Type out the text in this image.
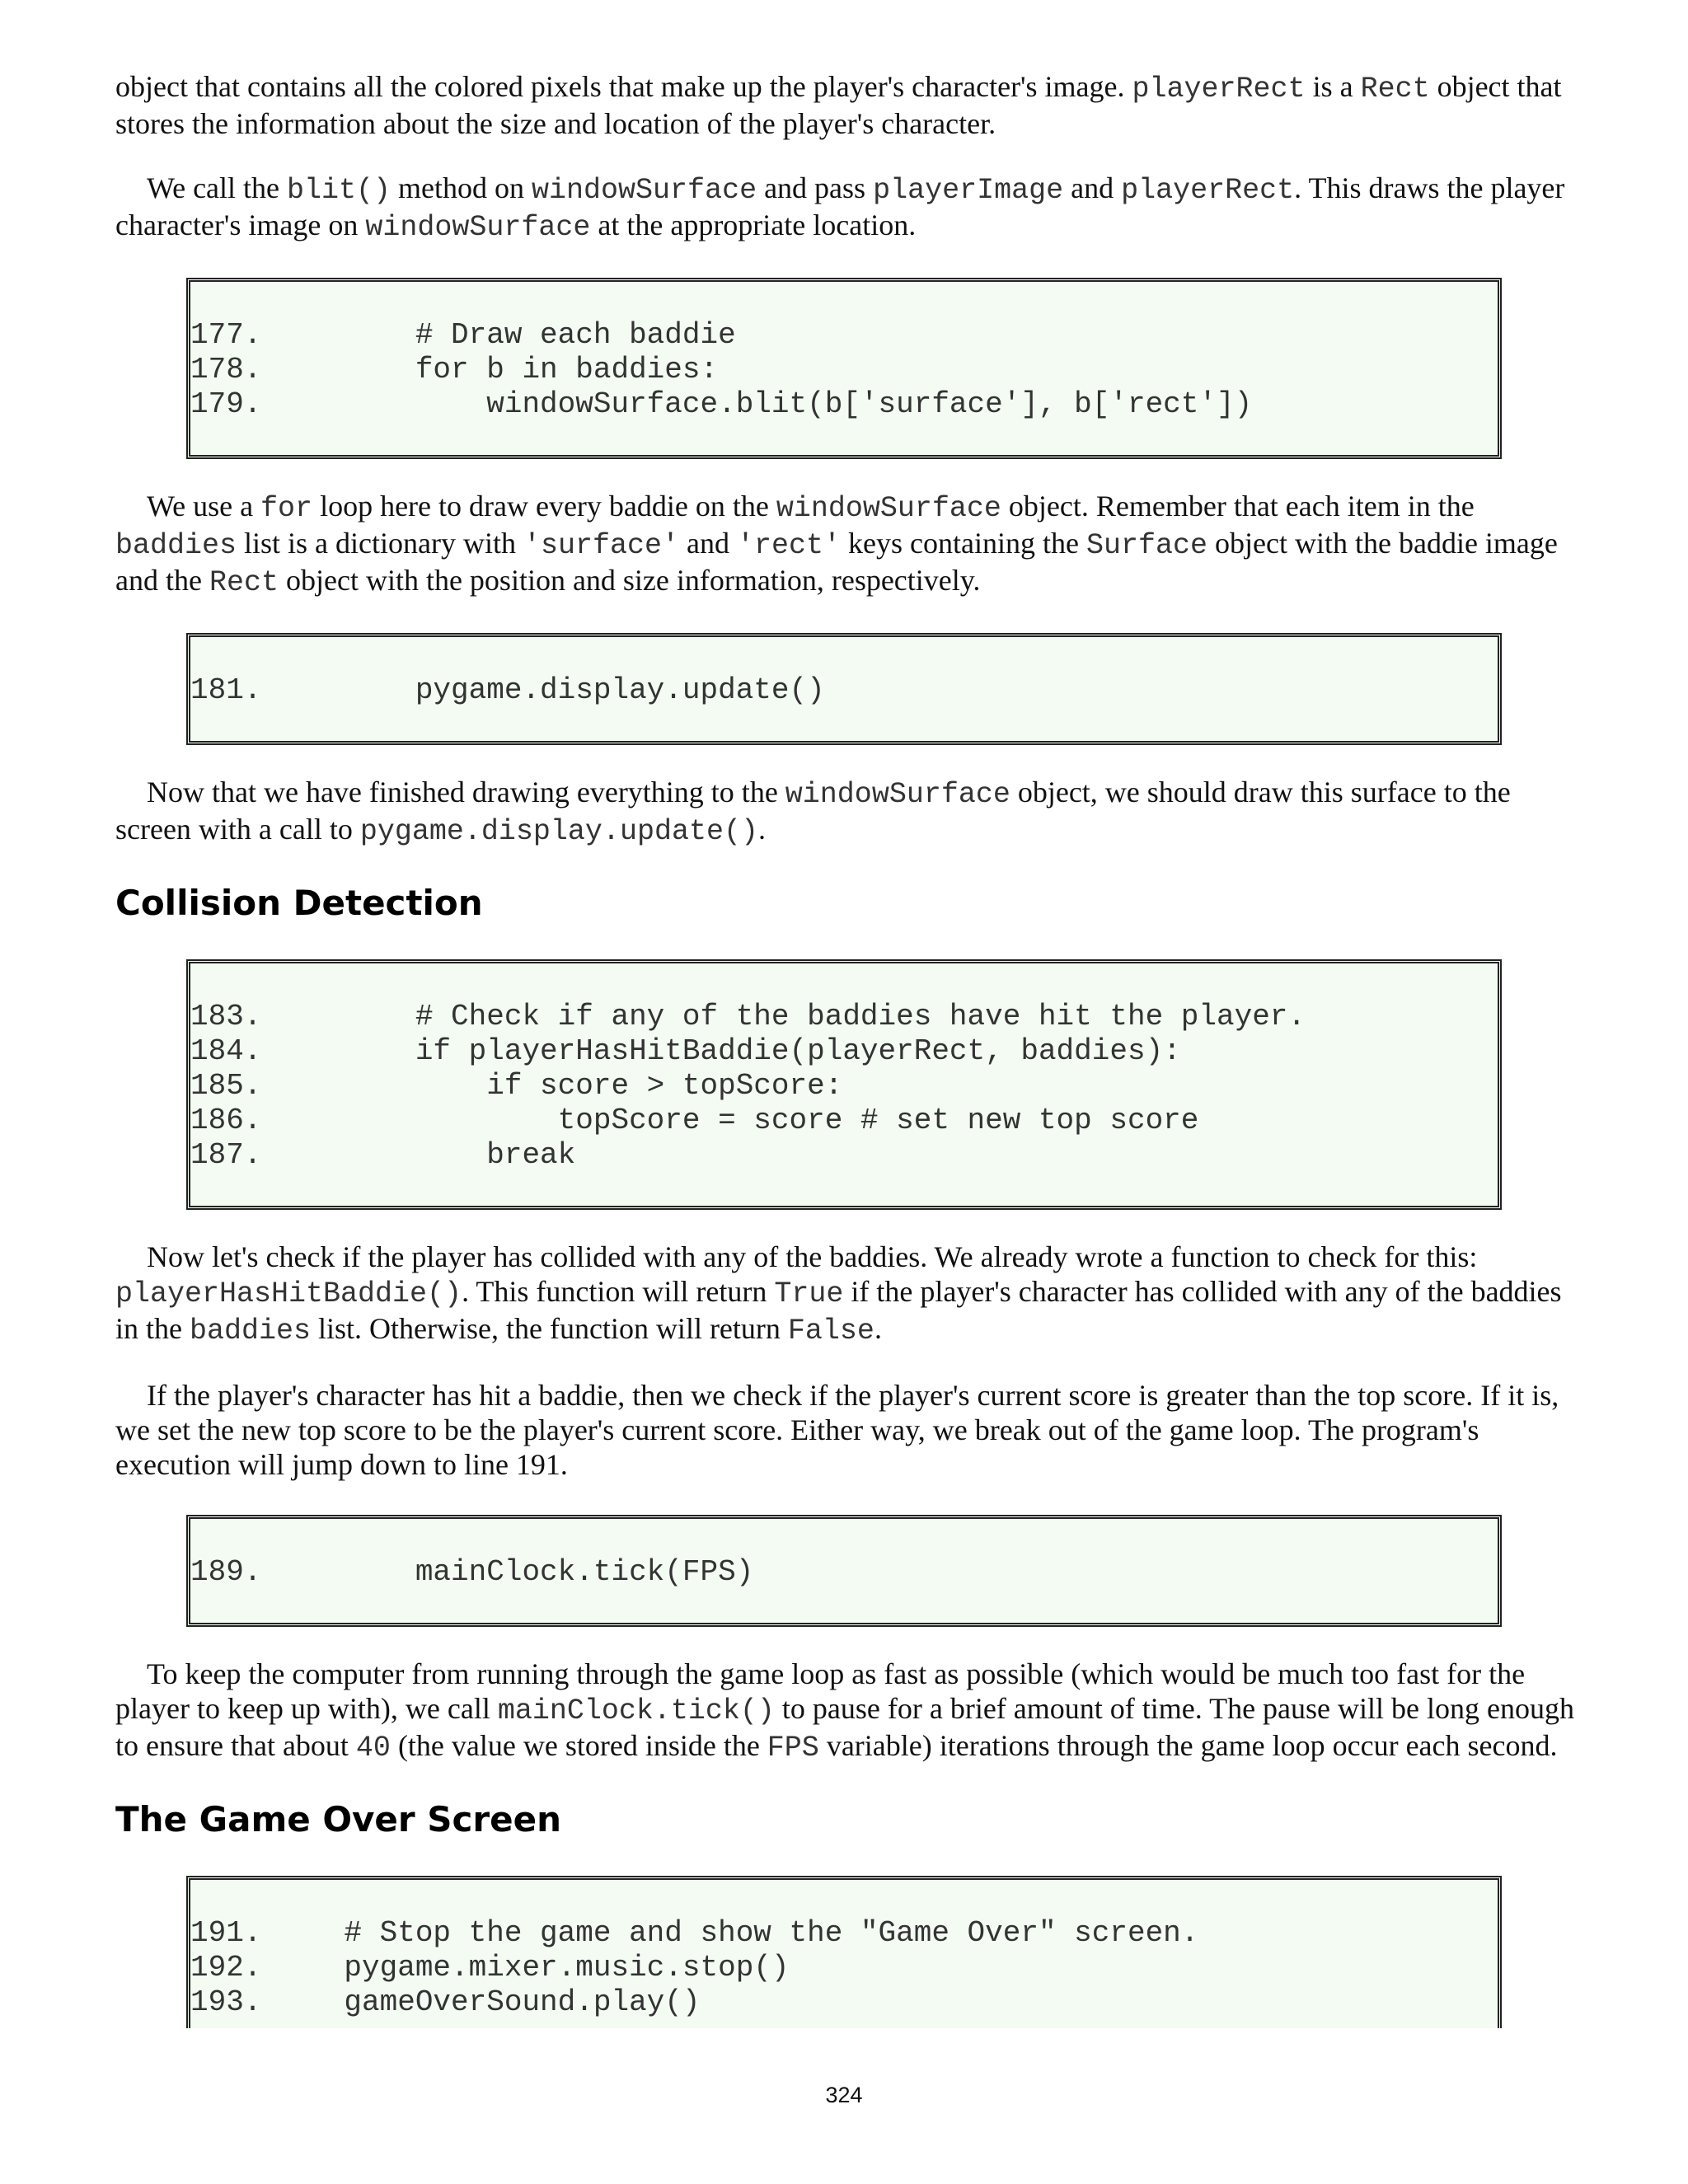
object that contains all the colored pixels that make up the player's character's image. playerRect is a Rect object that stores the information about the size and location of the player's character.

We call the blit() method on windowSurface and pass playerImage and playerRect. This draws the player character's image on windowSurface at the appropriate location.

177.        # Draw each baddie
178.        for b in baddies:
179.            windowSurface.blit(b['surface'], b['rect'])

We use a for loop here to draw every baddie on the windowSurface object. Remember that each item in the baddies list is a dictionary with 'surface' and 'rect' keys containing the Surface object with the baddie image and the Rect object with the position and size information, respectively.

181.        pygame.display.update()

Now that we have finished drawing everything to the windowSurface object, we should draw this surface to the screen with a call to pygame.display.update().

Collision Detection
183.        # Check if any of the baddies have hit the player.
184.        if playerHasHitBaddie(playerRect, baddies):
185.            if score > topScore:
186.                topScore = score # set new top score
187.            break

Now let's check if the player has collided with any of the baddies. We already wrote a function to check for this: playerHasHitBaddie(). This function will return True if the player's character has collided with any of the baddies in the baddies list. Otherwise, the function will return False.

If the player's character has hit a baddie, then we check if the player's current score is greater than the top score. If it is, we set the new top score to be the player's current score. Either way, we break out of the game loop. The program's execution will jump down to line 191.

189.        mainClock.tick(FPS)

To keep the computer from running through the game loop as fast as possible (which would be much too fast for the player to keep up with), we call mainClock.tick() to pause for a brief amount of time. The pause will be long enough to ensure that about 40 (the value we stored inside the FPS variable) iterations through the game loop occur each second.

The Game Over Screen
191.    # Stop the game and show the "Game Over" screen.
192.    pygame.mixer.music.stop()
193.    gameOverSound.play()
324
